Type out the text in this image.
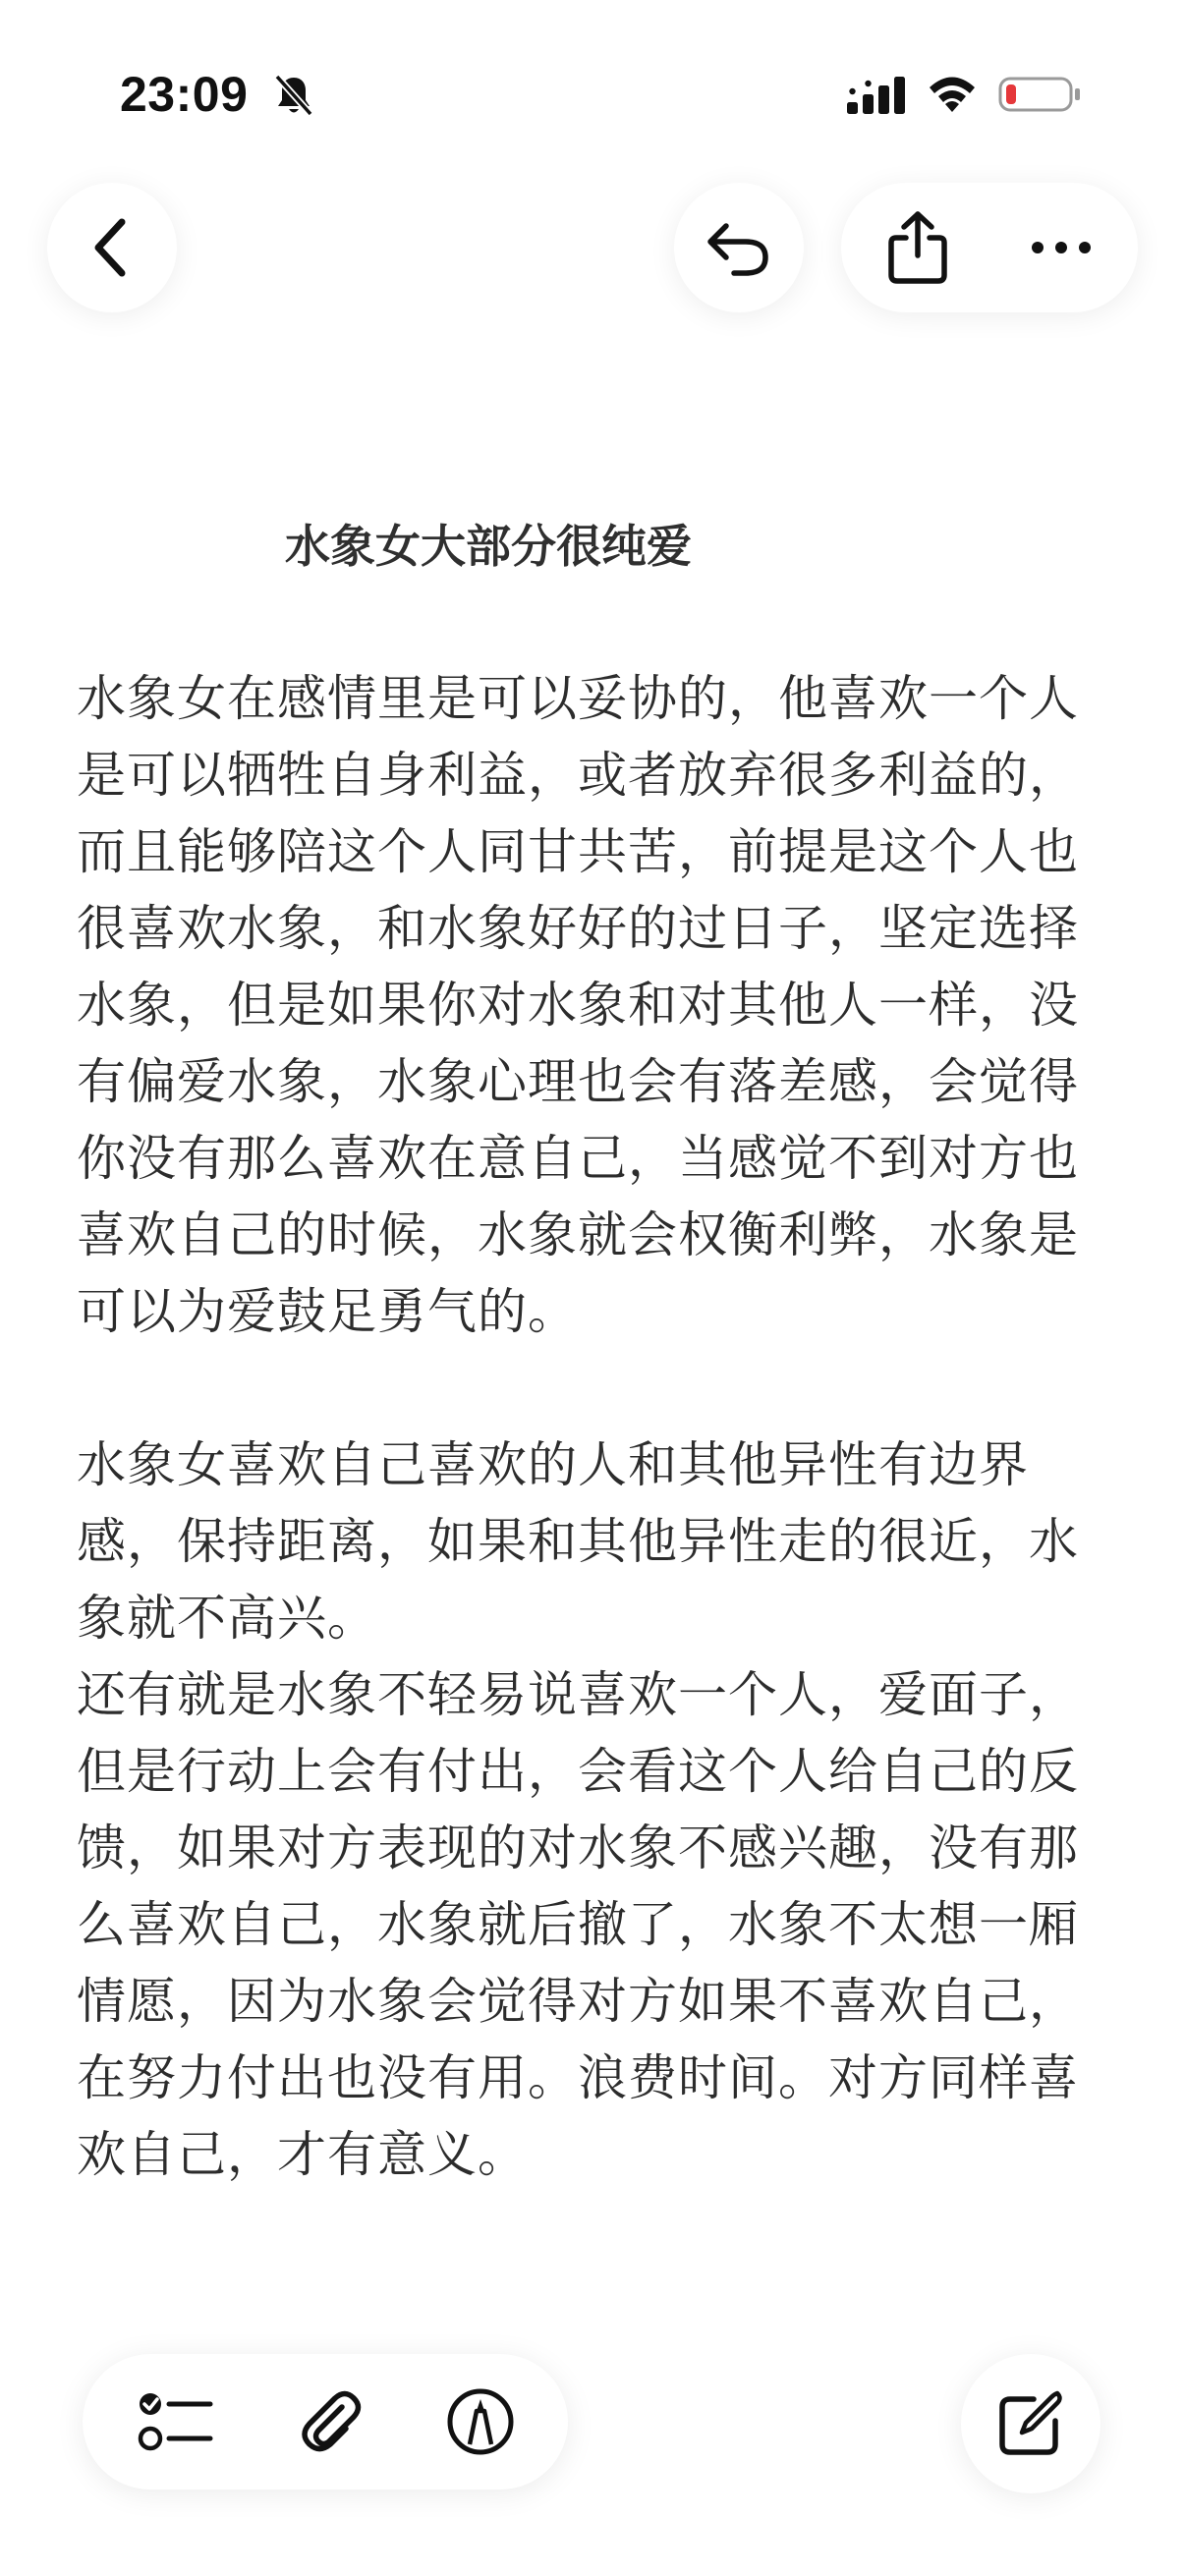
23:09
水象女大部分很纯爱

水象女在感情里是可以妥协的，他喜欢一个人
是可以牺牲自身利益，或者放弃很多利益的，
而且能够陪这个人同甘共苦，前提是这个人也
很喜欢水象，和水象好好的过日子，坚定选择
水象，但是如果你对水象和对其他人一样，没
有偏爱水象，水象心理也会有落差感，会觉得
你没有那么喜欢在意自己，当感觉不到对方也
喜欢自己的时候，水象就会权衡利弊，水象是
可以为爱鼓足勇气的。

水象女喜欢自己喜欢的人和其他异性有边界
感，保持距离，如果和其他异性走的很近，水
象就不高兴。
还有就是水象不轻易说喜欢一个人，爱面子，
但是行动上会有付出，会看这个人给自己的反
馈，如果对方表现的对水象不感兴趣，没有那
么喜欢自己，水象就后撤了，水象不太想一厢
情愿，因为水象会觉得对方如果不喜欢自己，
在努力付出也没有用。浪费时间。对方同样喜
欢自己，才有意义。
